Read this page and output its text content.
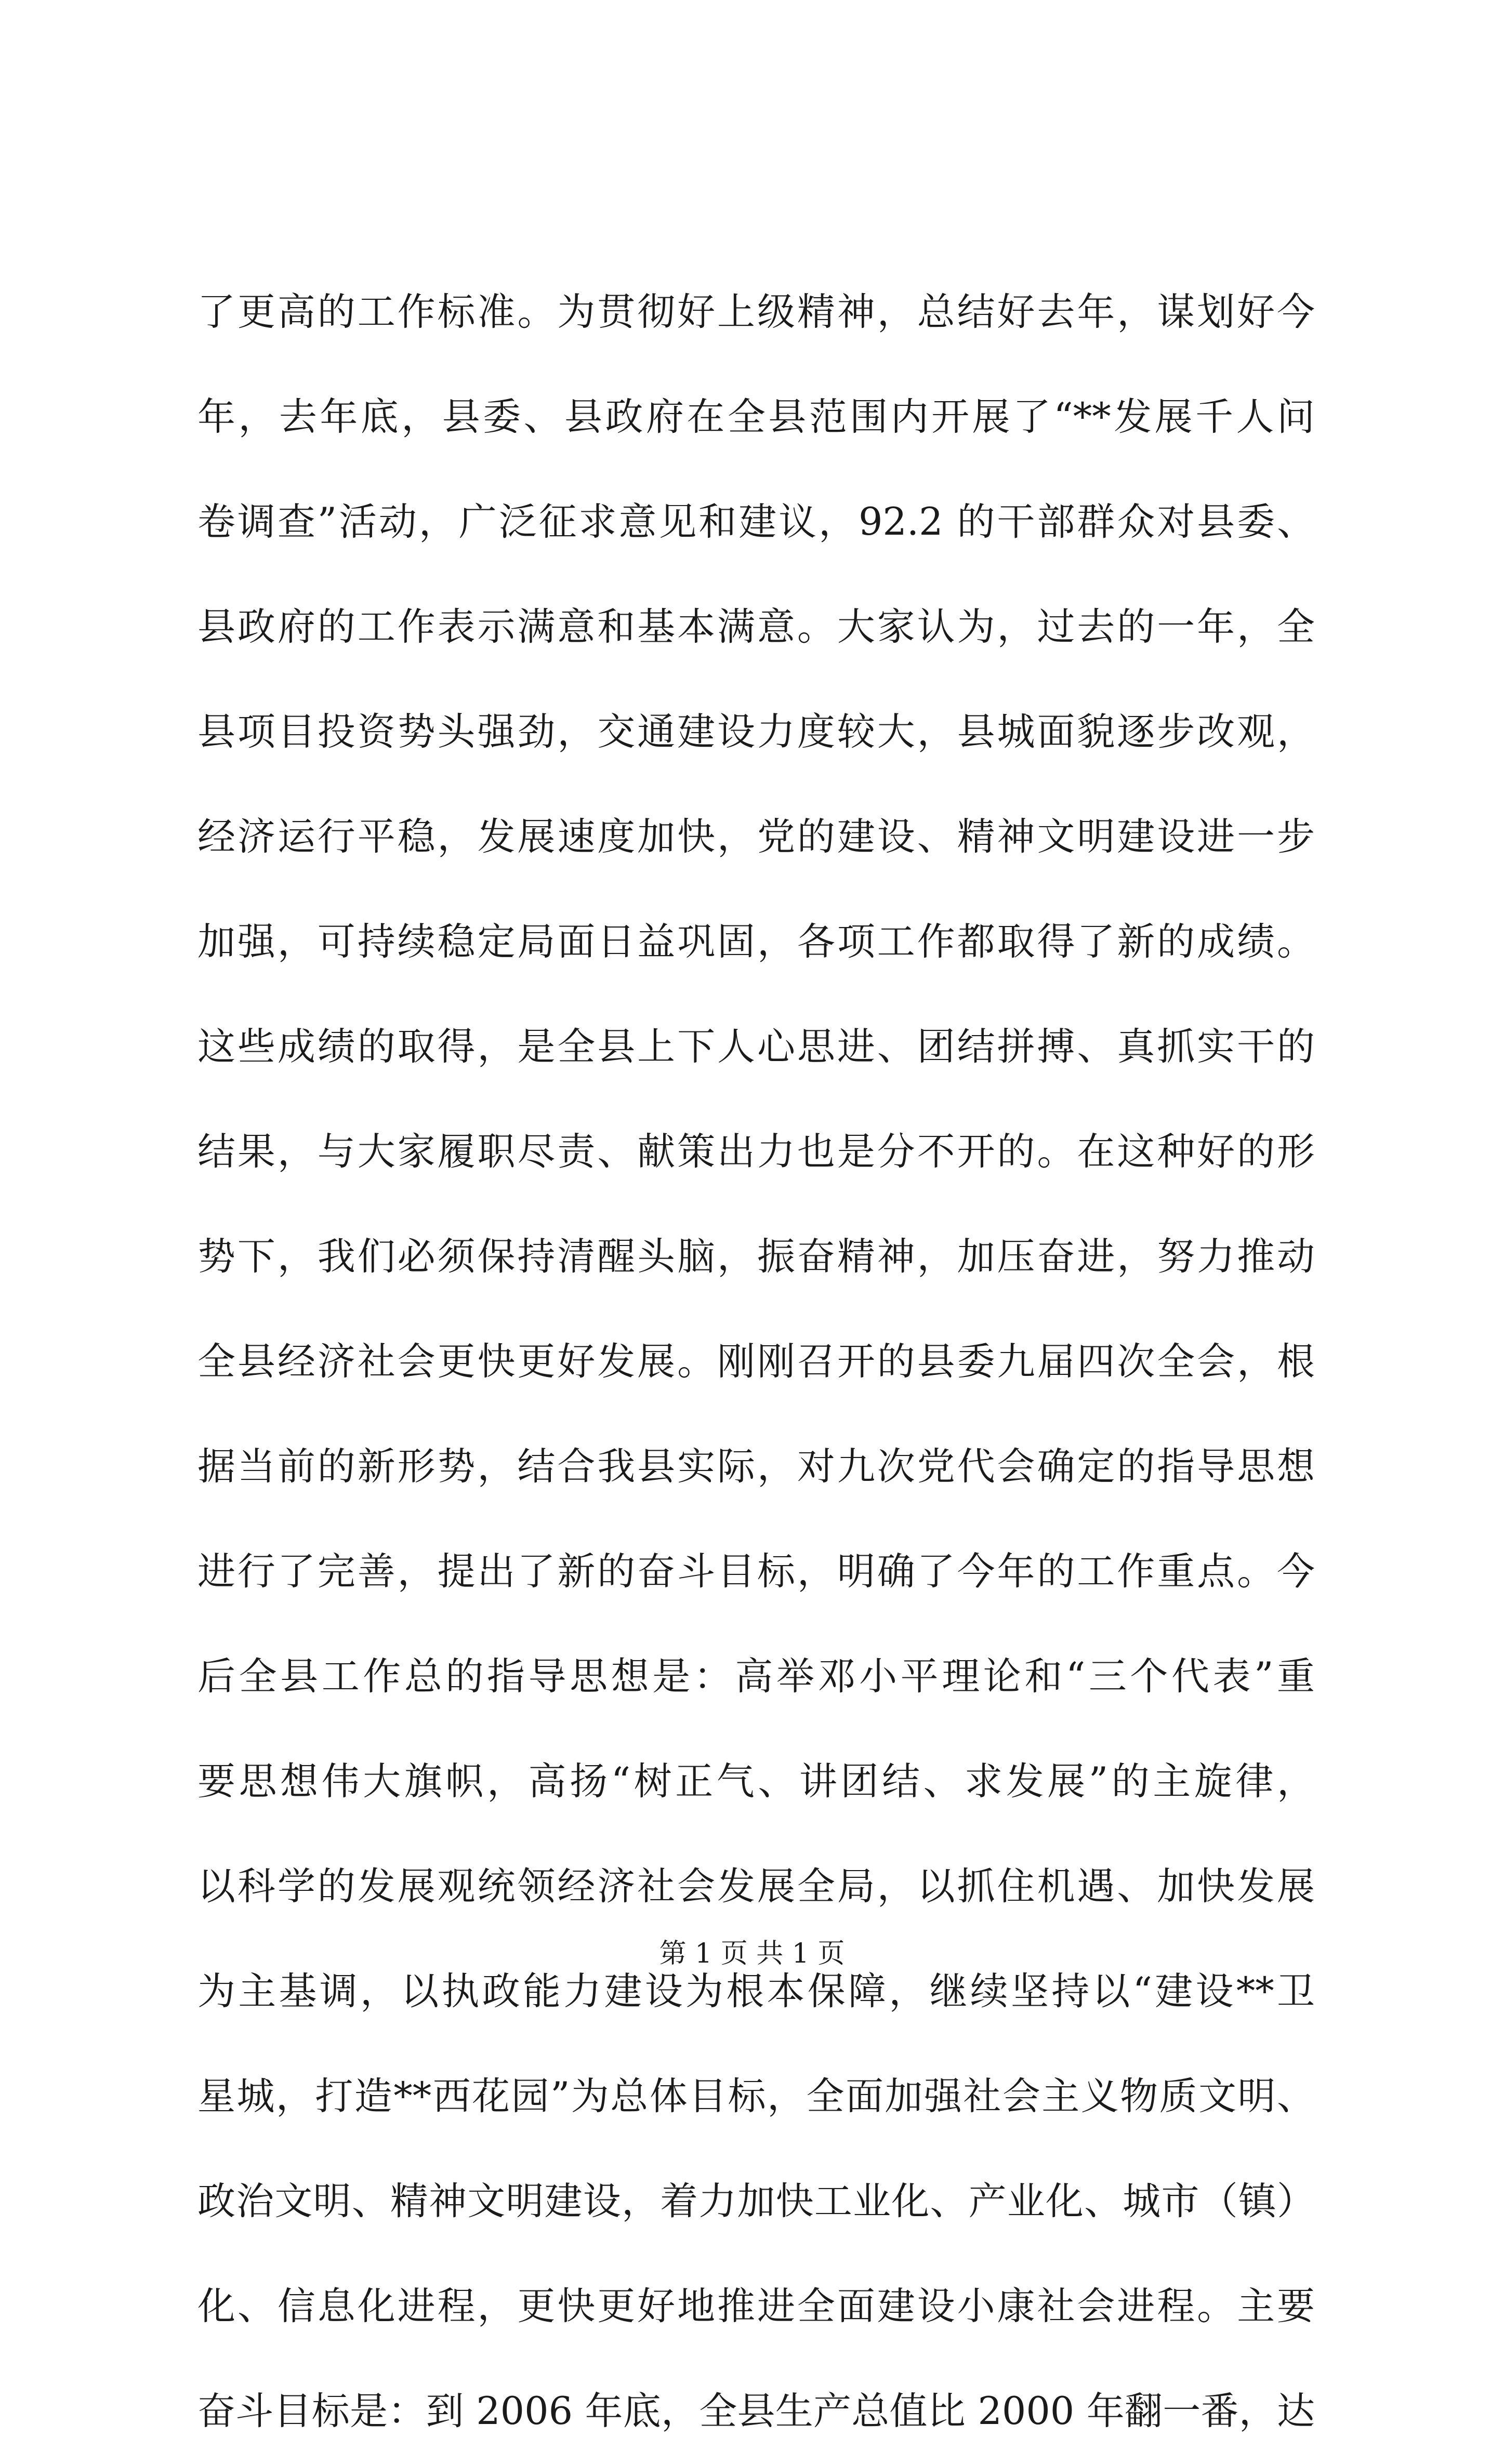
了更高的工作标准。为贯彻好上级精神，总结好去年，谋划好今
年，去年底，县委、县政府在全县范围内开展了“**发展千人问
卷调查”活动，广泛征求意见和建议，92.2 的干部群众对县委、
县政府的工作表示满意和基本满意。大家认为，过去的一年，全
县项目投资势头强劲，交通建设力度较大，县城面貌逐步改观，
经济运行平稳，发展速度加快，党的建设、精神文明建设进一步
加强，可持续稳定局面日益巩固，各项工作都取得了新的成绩。
这些成绩的取得，是全县上下人心思进、团结拼搏、真抓实干的
结果，与大家履职尽责、献策出力也是分不开的。在这种好的形
势下，我们必须保持清醒头脑，振奋精神，加压奋进，努力推动
全县经济社会更快更好发展。刚刚召开的县委九届四次全会，根
据当前的新形势，结合我县实际，对九次党代会确定的指导思想
进行了完善，提出了新的奋斗目标，明确了今年的工作重点。今
后全县工作总的指导思想是：高举邓小平理论和“三个代表”重
要思想伟大旗帜，高扬“树正气、讲团结、求发展”的主旋律，
以科学的发展观统领经济社会发展全局，以抓住机遇、加快发展
为主基调，以执政能力建设为根本保障，继续坚持以“建设**卫
星城，打造**西花园”为总体目标，全面加强社会主义物质文明、
政治文明、精神文明建设，着力加快工业化、产业化、城市（镇）
化、信息化进程，更快更好地推进全面建设小康社会进程。主要
奋斗目标是：到 2006 年底，全县生产总值比 2000 年翻一番，达
第 1 页 共 1 页
